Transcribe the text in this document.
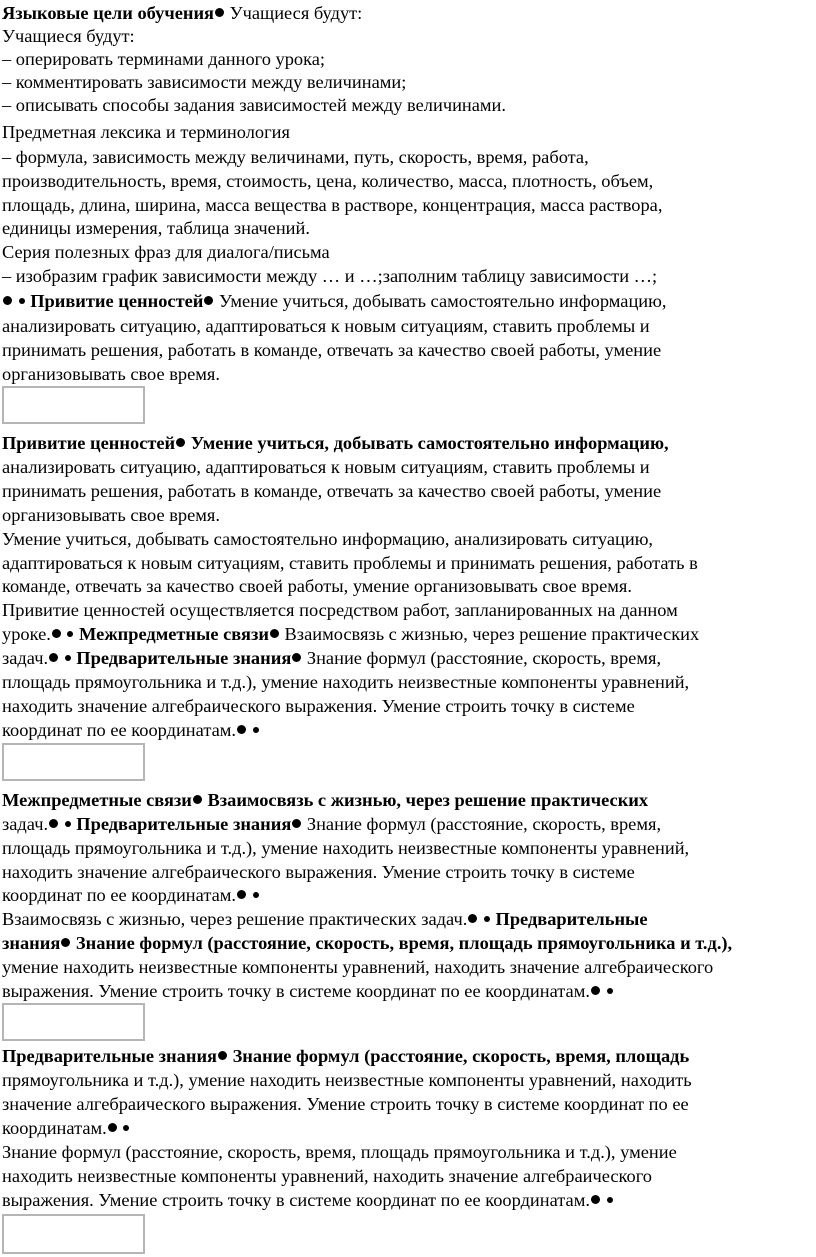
Языковые цели обучения Учащиеся будут:
Учащиеся будут:
– оперировать терминами данного урока;
– комментировать зависимости между величинами;
– описывать способы задания зависимостей между величинами.
Предметная лексика и терминология
– формула, зависимость между величинами, путь, скорость, время, работа,
производительность, время, стоимость, цена, количество, масса, плотность, объем,
площадь, длина, ширина, масса вещества в растворе, концентрация, масса раствора,
единицы измерения, таблица значений.
Серия полезных фраз для диалога/письма
– изобразим график зависимости между … и …;заполним таблицу зависимости …;
Привитие ценностей Умение учиться, добывать самостоятельно информацию,
анализировать ситуацию, адаптироваться к новым ситуациям, ставить проблемы и
принимать решения, работать в команде, отвечать за качество своей работы, умение
организовывать свое время.
Привитие ценностей Умение учиться, добывать самостоятельно информацию,
анализировать ситуацию, адаптироваться к новым ситуациям, ставить проблемы и
принимать решения, работать в команде, отвечать за качество своей работы, умение
организовывать свое время.
Умение учиться, добывать самостоятельно информацию, анализировать ситуацию,
адаптироваться к новым ситуациям, ставить проблемы и принимать решения, работать в
команде, отвечать за качество своей работы, умение организовывать свое время.
Привитие ценностей осуществляется посредством работ, запланированных на данном
уроке. Межпредметные связи Взаимосвязь с жизнью, через решение практических
задач. Предварительные знания Знание формул (расстояние, скорость, время,
площадь прямоугольника и т.д.), умение находить неизвестные компоненты уравнений,
находить значение алгебраического выражения. Умение строить точку в системе
координат по ее координатам.
Межпредметные связи Взаимосвязь с жизнью, через решение практических
задач. Предварительные знания Знание формул (расстояние, скорость, время,
площадь прямоугольника и т.д.), умение находить неизвестные компоненты уравнений,
находить значение алгебраического выражения. Умение строить точку в системе
координат по ее координатам.
Взаимосвязь с жизнью, через решение практических задач. Предварительные
знания Знание формул (расстояние, скорость, время, площадь прямоугольника и т.д.),
умение находить неизвестные компоненты уравнений, находить значение алгебраического
выражения. Умение строить точку в системе координат по ее координатам.
Предварительные знания Знание формул (расстояние, скорость, время, площадь
прямоугольника и т.д.), умение находить неизвестные компоненты уравнений, находить
значение алгебраического выражения. Умение строить точку в системе координат по ее
координатам.
Знание формул (расстояние, скорость, время, площадь прямоугольника и т.д.), умение
находить неизвестные компоненты уравнений, находить значение алгебраического
выражения. Умение строить точку в системе координат по ее координатам.
